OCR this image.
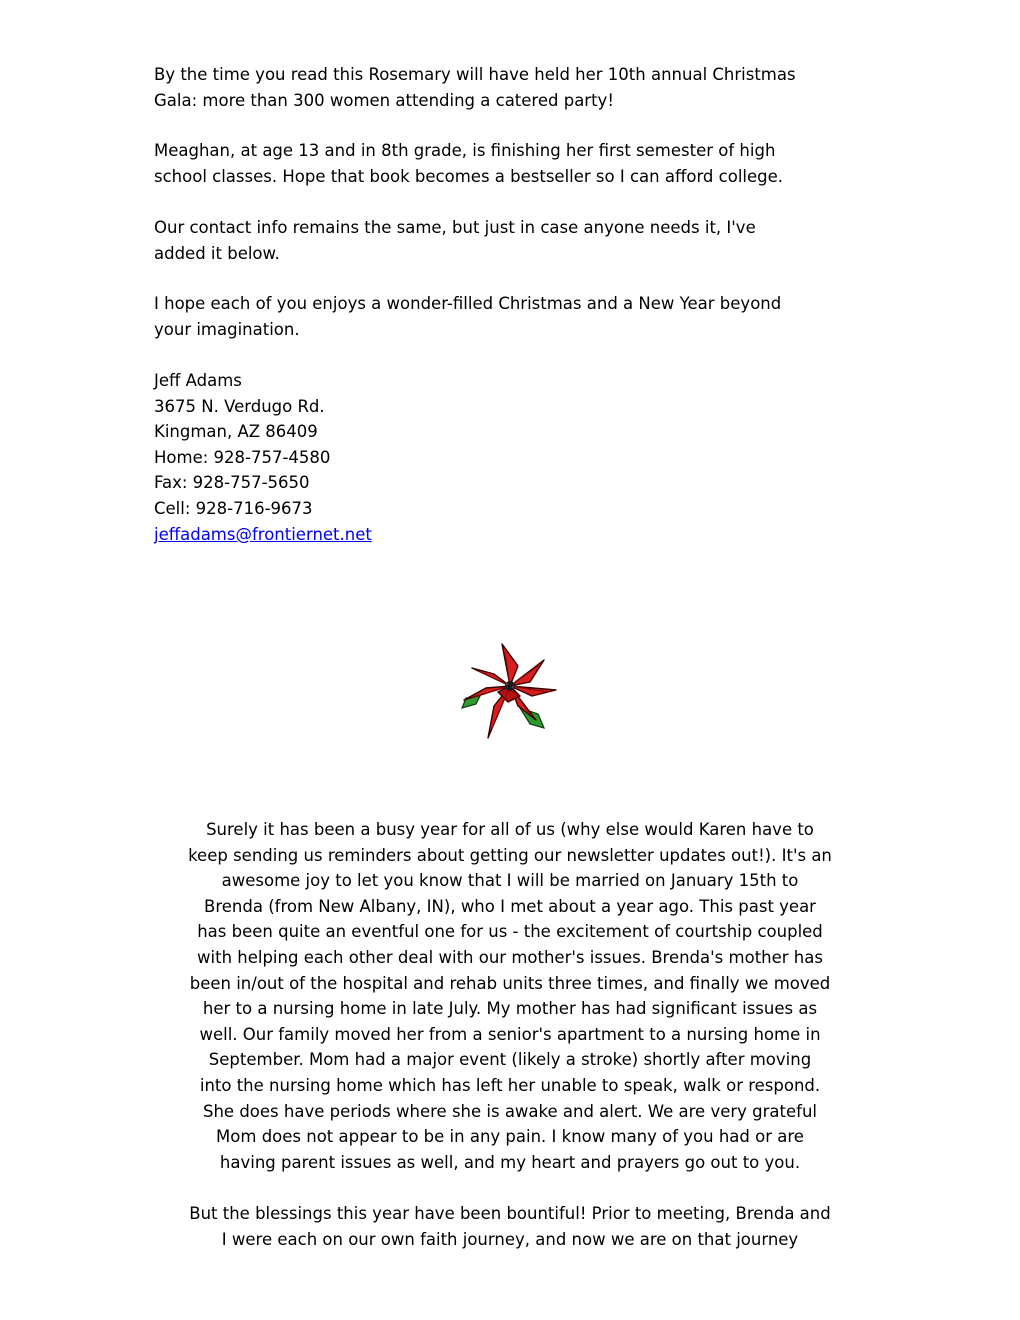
By the time you read this Rosemary will have held her 10th annual Christmas
Gala: more than 300 women attending a catered party!

Meaghan, at age 13 and in 8th grade, is finishing her first semester of high
school classes. Hope that book becomes a bestseller so I can afford college.

Our contact info remains the same, but just in case anyone needs it, I've
added it below.

I hope each of you enjoys a wonder-filled Christmas and a New Year beyond
your imagination.

Jeff Adams
3675 N. Verdugo Rd.
Kingman, AZ 86409
Home: 928-757-4580
Fax: 928-757-5650
Cell: 928-716-9673
jeffadams@frontiernet.net
Surely it has been a busy year for all of us (why else would Karen have to
keep sending us reminders about getting our newsletter updates out!). It's an
awesome joy to let you know that I will be married on January 15th to
Brenda (from New Albany, IN), who I met about a year ago. This past year
has been quite an eventful one for us - the excitement of courtship coupled
with helping each other deal with our mother's issues. Brenda's mother has
been in/out of the hospital and rehab units three times, and finally we moved
her to a nursing home in late July. My mother has had significant issues as
well. Our family moved her from a senior's apartment to a nursing home in
September. Mom had a major event (likely a stroke) shortly after moving
into the nursing home which has left her unable to speak, walk or respond.
She does have periods where she is awake and alert. We are very grateful
Mom does not appear to be in any pain. I know many of you had or are
having parent issues as well, and my heart and prayers go out to you.
But the blessings this year have been bountiful! Prior to meeting, Brenda and
I were each on our own faith journey, and now we are on that journey
